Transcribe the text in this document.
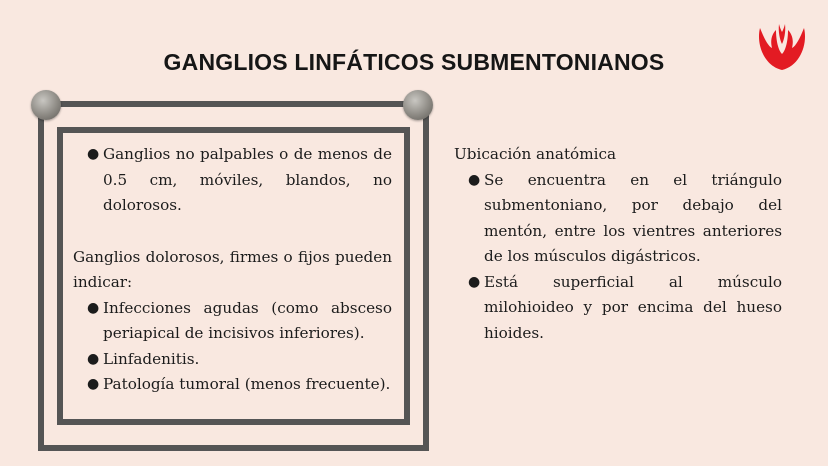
GANGLIOS LINFÁTICOS SUBMENTONIANOS
● Ganglios no palpables o de menos de 0.5 cm, móviles, blandos, no dolorosos.

Ganglios dolorosos, firmes o fijos pueden indicar:

● Infecciones agudas (como absceso periapical de incisivos inferiores).
● Linfadenitis.
● Patología tumoral (menos frecuente).

Ubicación anatómica

● Se encuentra en el triángulo submentoniano, por debajo del mentón, entre los vientres anteriores de los músculos digástricos.
● Está superficial al músculo milohioideo y por encima del hueso hioides.
